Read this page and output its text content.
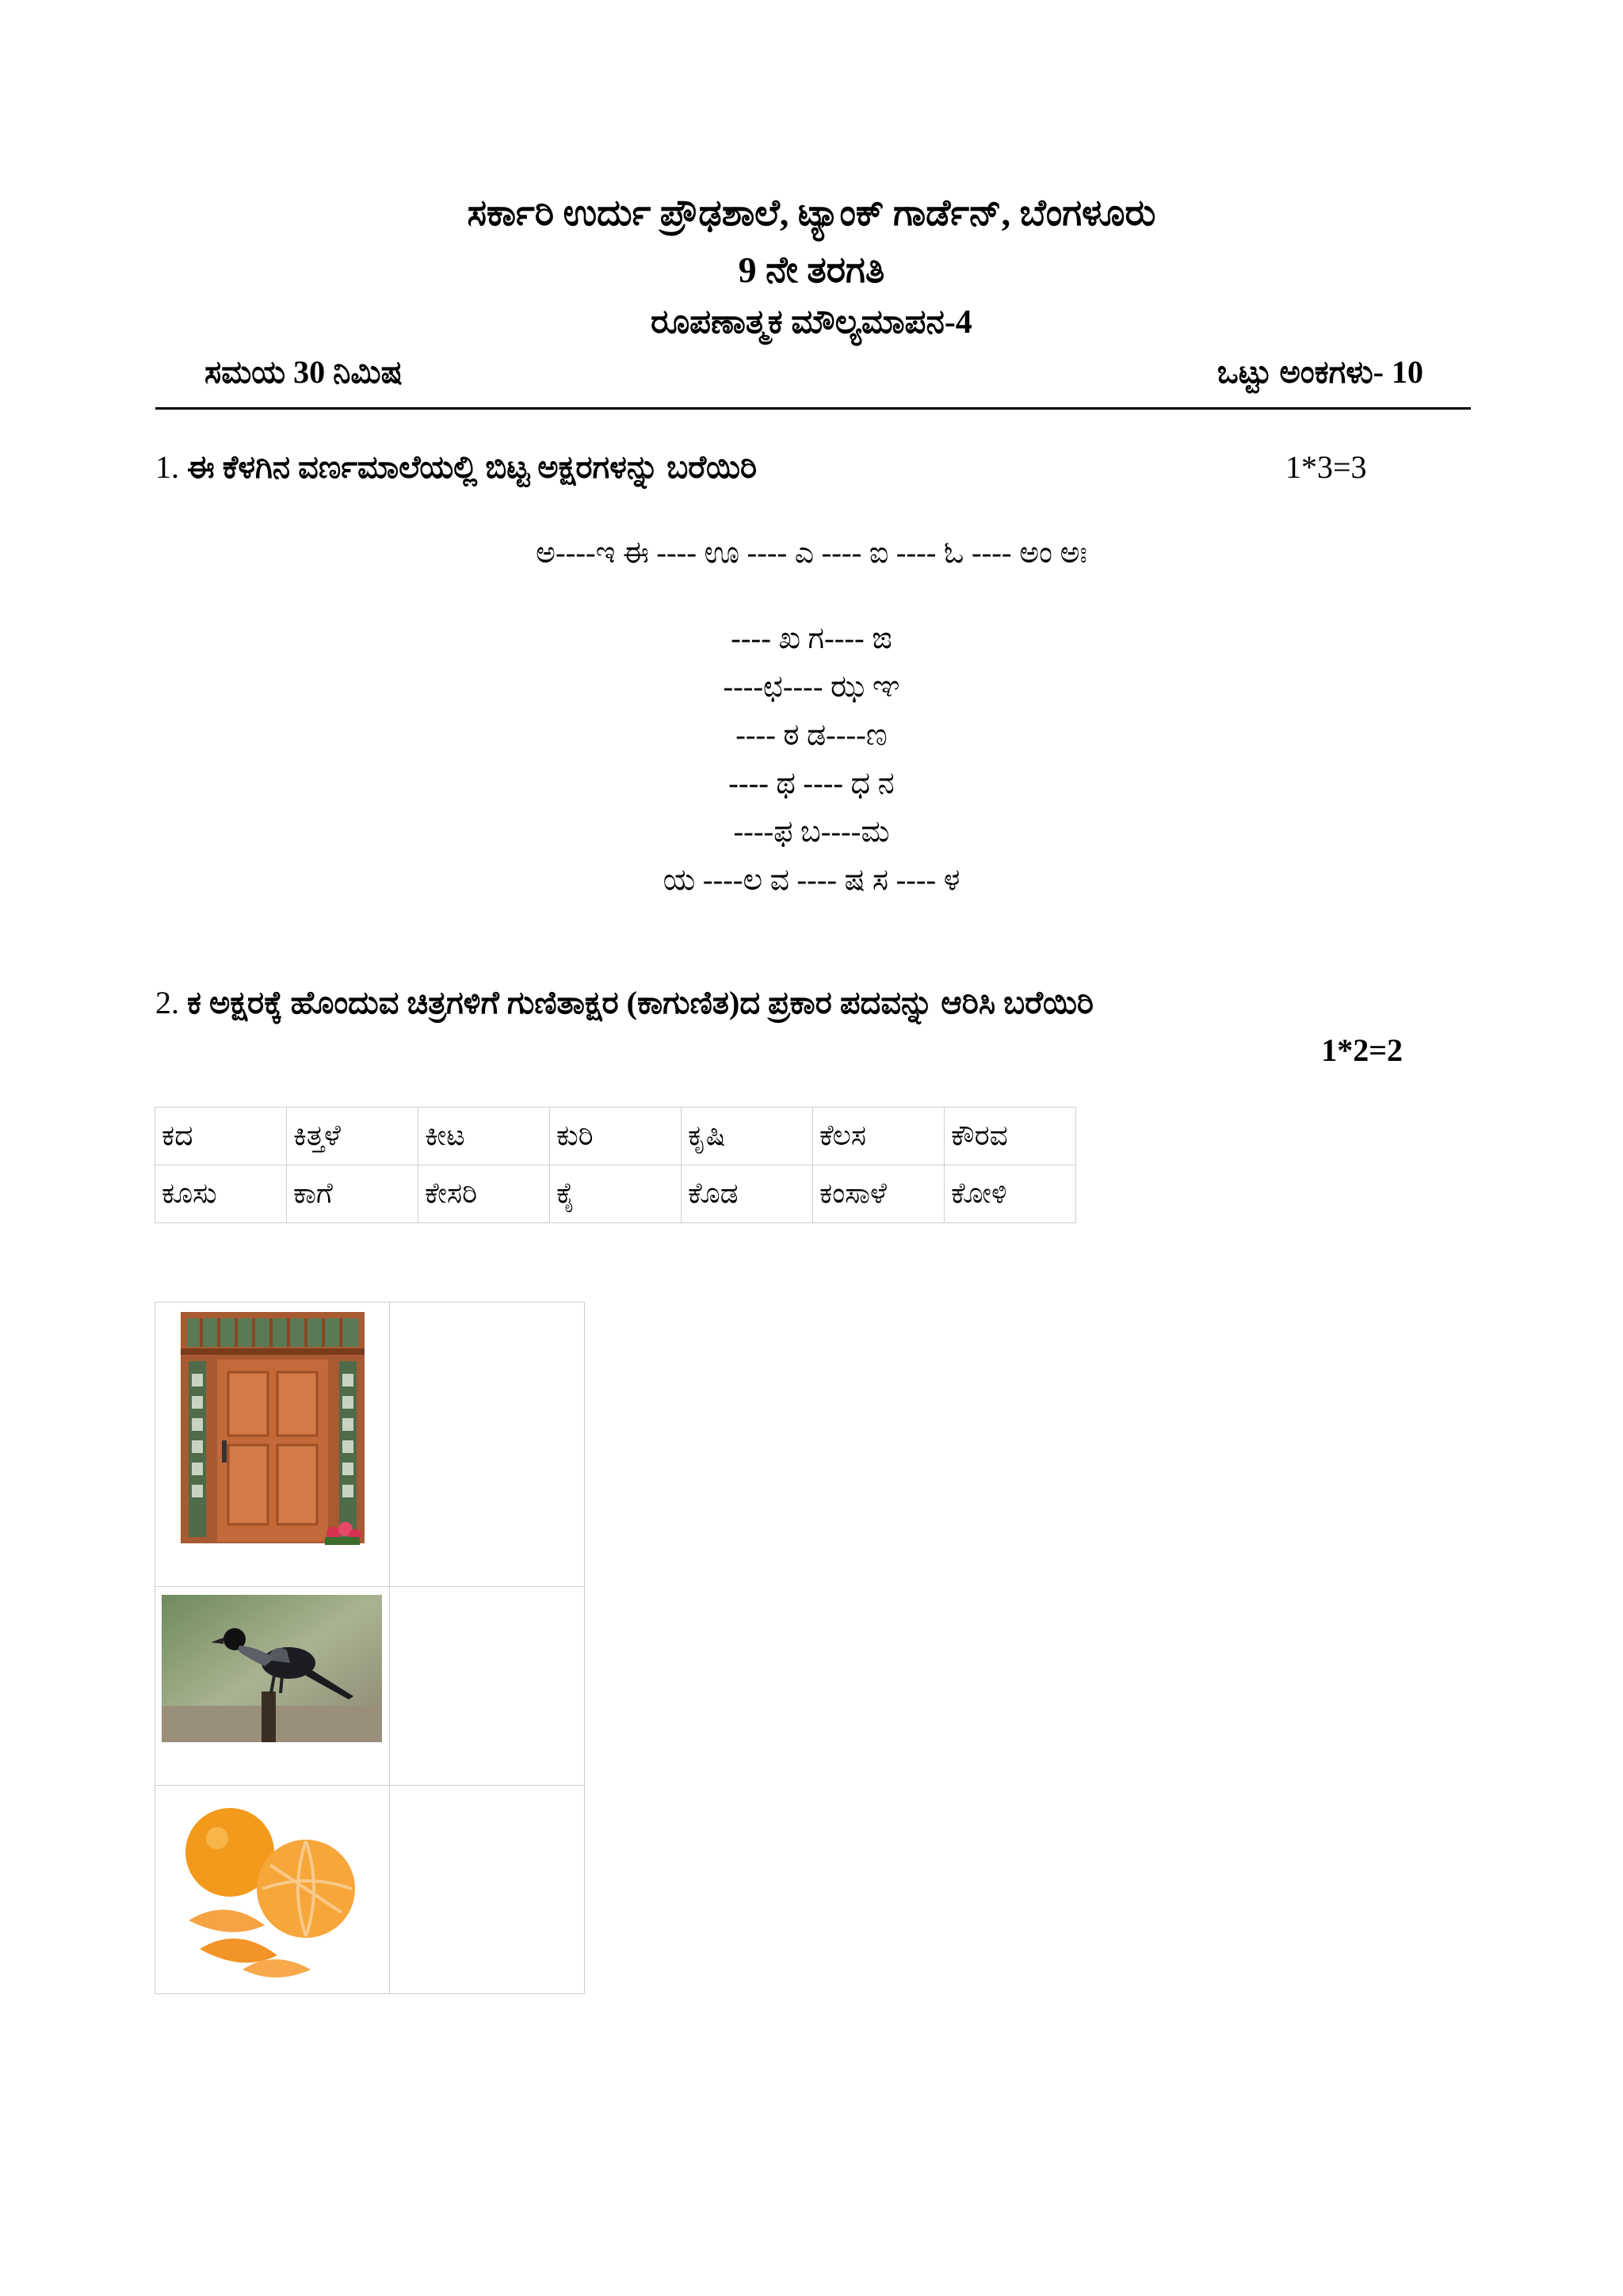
ಸರ್ಕಾರಿ ಉರ್ದು ಪ್ರೌಢಶಾಲೆ, ಟ್ಯಾಂಕ್ ಗಾರ್ಡೆನ್, ಬೆಂಗಳೂರು
9 ನೇ ತರಗತಿ
ರೂಪಣಾತ್ಮಕ ಮೌಲ್ಯಮಾಪನ-4
ಸಮಯ 30 ನಿಮಿಷ	ಒಟ್ಟು ಅಂಕಗಳು- 10
1. ಈ ಕೆಳಗಿನ ವರ್ಣಮಾಲೆಯಲ್ಲಿ ಬಿಟ್ಟ ಅಕ್ಷರಗಳನ್ನು ಬರೆಯಿರಿ	1*3=3
ಅ----ಇ ಈ ---- ಊ ---- ಎ ---- ಐ ---- ಓ ---- ಅಂ ಅಃ
---- ಖ ಗ---- ಙ
----ಛ---- ಝ ಞ
---- ಠ ಡ----ಣ
---- ಥ ---- ಧ ನ
----ಫ ಬ----ಮ
ಯ ----ಲ ವ ---- ಷ ಸ ---- ಳ
2. ಕ ಅಕ್ಷರಕ್ಕೆ ಹೊಂದುವ ಚಿತ್ರಗಳಿಗೆ ಗುಣಿತಾಕ್ಷರ (ಕಾಗುಣಿತ)ದ ಪ್ರಕಾರ ಪದವನ್ನು ಆರಿಸಿ ಬರೆಯಿರಿ
1*2=2
ಕದ	ಕಿತ್ತಳೆ	ಕೀಟ	ಕುರಿ	ಕೃಷಿ	ಕೆಲಸ	ಕೌರವ
ಕೂಸು	ಕಾಗೆ	ಕೇಸರಿ	ಕೈ	ಕೊಡ	ಕಂಸಾಳೆ	ಕೋಳಿ
